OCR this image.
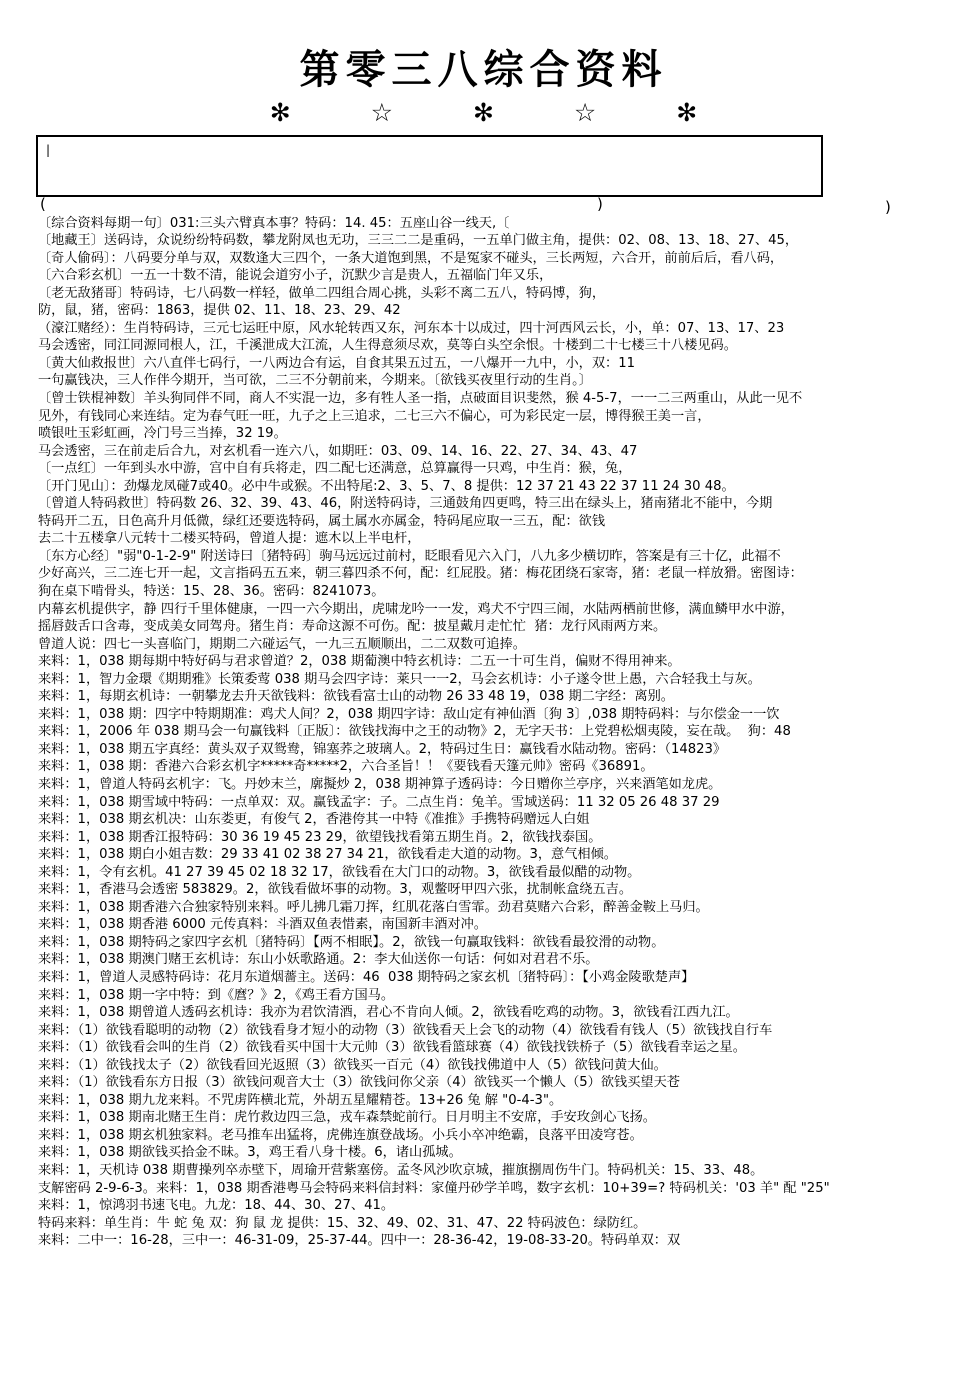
第零三八综合资料
✻ ☆ ✻ ☆ ✻
|
(	)	)

〔综合资料每期一句〕031:三头六臂真本事？特码：14. 45：五座山谷一线天,〔

〔地藏王〕送码诗，众说纷纷特码数，攀龙附凤也无功，三三二二是重码，一五单门做主角，提供：02、08、13、18、27、45，

〔奇人偷码〕：八码要分单与双，双数逢大三四个，一条大道饱到黑，不是冤家不碰头，三长两短，六合开，前前后后，看八码，

〔六合彩玄机〕一五一十数不清，能说会道穷小子，沉默少言是贵人，五福临门年又乐，

〔老无敌猪哥〕特码诗，七八码数一样轻，做单二四组合周心挑，头彩不离二五八，特码博，狗，

防，鼠，猪，密码：1863，提供 02、11、18、23、29、42

（濠江赌经）：生肖特码诗，三元七运旺中原，风水轮转西又东，河东本十以成过，四十河西风云长，小，单：07、13、17、23

马会透密，同江同源同根人，江，千溪泄成大江流，人生得意须尽欢，莫等白头空余恨。十楼到二十七楼三十八楼见码。

〔黄大仙救报世〕六八直伴七码行，一八两边合有运，自食其果五过五，一八爆开一九中，小，双：11

一句赢钱决，三人作伴今期开，当可欲，二三不分朝前来，今期来。〔欲钱买夜里行动的生肖。〕

〔曾士铁棍神数〕羊头狗同伴不同，商人不实混一边，多有牲人圣一指，点破面目识斐然，猴 4-5-7，一一二三两重山，从此一见不

见外，有钱同心来连结。定为春气旺一旺，九子之上三追求，二七三六不偏心，可为彩民定一层，博得猴王美一言，

喷银吐玉彩虹画，冷门号三当捧，32 19。

马会透密，三在前走后合九，对玄机看一连六八，如期旺：03、09、14、16、22、27、34、43、47

〔一点红〕一年到头水中游，宫中自有兵将走，四二配七还满意，总算赢得一只鸡，中生肖：猴，兔，

〔开门见山〕：劲爆龙凤碰7或40。必中牛或猴。不出特尾:2、3、5、7、8 提供：12 37 21 43 22 37 11 24 30 48。

〔曾道人特码救世〕特码数 26、32、39、43、46，附送特码诗，三通鼓角四更鸣，特三出在绿头上，猪南猪北不能中，今期

特码开二五，日色高升月低微，绿红还要选特码，属土属水亦属金，特码尾应取一三五，配：欲钱

去二十五楼拿八元转十二楼买特码，曾道人提：遮木以上半电杆，

〔东方心经〕"弱"0-1-2-9" 附送诗曰〔猪特码〕驹马远远过前村，眨眼看见六入门，八九多少横切昨，答案是有三十亿，此福不

少好高兴，三二连七开一起，文言指码五五来，朝三暮四杀不何，配：红屁股。猪：梅花团绕石家寄，猪：老鼠一样放猾。密图诗：

狗在桌下啃骨头，特送：15、28、36。密码：8241073。

内幕玄机提供字，静 四行千里体健康，一四一六今期出，虎啸龙吟一一发，鸡犬不宁四三闹，水陆两栖前世修，满血鳞甲水中游，

摇唇鼓舌口含毒，变成美女同驾舟。猪生肖：寿命这源不可伤。配：披星戴月走忙忙  猪：龙行风雨两方来。

曾道人说：四七一头喜临门，期期二六碰运气，一九三五顺顺出，二二双数可追捧。

来料：1，038 期每期中特好码与君求曾道？2，038 期葡澳中特玄机诗：二五一十可生肖，偏财不得用神来。

来料：1，智力金環《期期雅》长策委莺 038 期马会四字诗：莱只一一2，马会玄机诗：小子遂令世上愚，六合轻我土与灰。

来料：1，每期玄机诗：一朝攀龙去升天欲钱料：欲钱看富士山的动物 26 33 48 19，038 期二字经：离别。

来料：1，038 期：四字中特期期准：鸡犬人间？2，038 期四字诗：敌山定有神仙酒〔狗 3〕,038 期特码料：与尔偿金一一饮

来料：1，2006 年 038 期马会一句赢钱料〔正版〕：欲钱找海中之王的动物》2，无字天书：上党碧松烟夷陵，妄在哉。  狗：48

来料：1，038 期五字真经：黄头双子双鸳鸯，锦塞荞之玻璃人。2，特码过生日：赢钱看水陆动物。密码：（14823》

来料：1，038 期：香港六合彩玄机字*****奇*****2，六合圣旨！！《要钱看天篷元帅》密码《36891。

来料：1，曾道人特码玄机字：飞。丹妙末兰，廓擬炒 2，038 期神算子透码诗：今日赠你兰亭序，兴来酒笔如龙虎。

来料：1，038 期雪域中特码：一点单双：双。赢钱孟字：子。二点生肖：兔羊。雪域送码：11 32 05 26 48 37 29

来料：1，038 期玄机决：山东娄更，有俊气 2，香港侉其一中特《准推》手携特码赠远人白姐

来料：1，038 期香江报特码：30 36 19 45 23 29，欲望钱找看第五期生肖。2，欲钱找泰国。

来料：1，038 期白小姐吉数：29 33 41 02 38 27 34 21，欲钱看走大道的动物。3，意气相倾。

来料：1，令有玄机。41 27 39 45 02 18 32 17，欲钱看在大门口的动物。3，欲钱看最似醋的动物。

来料：1，香港马会透密 583829。2，欲钱看做坏事的动物。3，观鳖呀甲四六张，扰制帐盒绕五吉。

来料：1，038 期香港六合独家特别来料。呼儿拂几霜刀挥，红肌花落白雪霏。劲君莫赌六合彩，醉善金鞍上马归。

来料：1，038 期香港 6000 元传真料：斗酒双鱼表惜素，南国新丰酒对冲。

来料：1，038 期特码之家四字玄机〔猪特码〕【两不相眠】。2，欲钱一句赢取钱料：欲钱看最狡滑的动物。

来料：1，038 期澳门赌王玄机诗：东山小妖歌路通。2：李大仙送你一句话：何如对君君不乐。

来料：1，曾道人灵感特码诗：花月东道烟薔主。送码：46  038 期特码之家玄机〔猪特码〕：【小鸡金陵歌楚声】

来料：1，038 期一字中特：到《麿？》2，《鸡王看方国马。

来料：1，038 期曾道人透码玄机诗：我亦为君饮清酒，君心不肯向人倾。2，欲钱看吃鸡的动物。3，欲钱看江西九江。

来料：（1）欲钱看聪明的动物（2）欲钱看身才短小的动物（3）欲钱看天上会飞的动物（4）欲钱看有钱人（5）欲钱找自行车

来料：（1）欲钱看会叫的生肖（2）欲钱看买中国十大元帅（3）欲钱看篮球赛（4）欲钱找铁桥子（5）欲钱看幸运之星。

来料：（1）欲钱找太子（2）欲钱看回光返照（3）欲钱买一百元（4）欲钱找佛道中人（5）欲钱问黄大仙。

来料：（1）欲钱看东方日报（3）欲钱问观音大士（3）欲钱问你父亲（4）欲钱买一个懒人（5）欲钱买望天苍

来料：1，038 期九龙来料。不咒虏阵横北荒，外胡五星耀精苍。13+26 兔 解 "0-4-3"。

来料：1，038 期南北赌王生肖：虎竹救边四三急，戎车森禁蛇前行。日月明主不安席，手安玫剑心飞扬。

来料：1，038 期玄机独家料。老马推车出猛将，虎佛连旗登战场。小兵小卒冲绝霸，良落平田凌穹苍。

来料：1，038 期欲钱买拾金不昧。3，鸡王看八身十楼。6，诸山孤城。

来料：1，天机诗 038 期曹操列卒赤壁下，周瑜开营紫塞傍。孟冬风沙吹京城，摧旗捌周伤牛门。特码机关：15、33、48。

支解密码 2-9-6-3。来料：1，038 期香港粤马会特码来料信封料：家僮丹砂学羊鸣，数字玄机：10+39=? 特码机关：'03 羊" 配 "25"

来料：1，惊鸿羽书速飞电。九龙：18、44、30、27、41。

特码来料：单生肖：牛 蛇 兔 双：狗 鼠 龙 提供：15、32、49、02、31、47、22 特码波色：绿防红。

来料：二中一：16-28，三中一：46-31-09，25-37-44。四中一：28-36-42，19-08-33-20。特码单双：双
